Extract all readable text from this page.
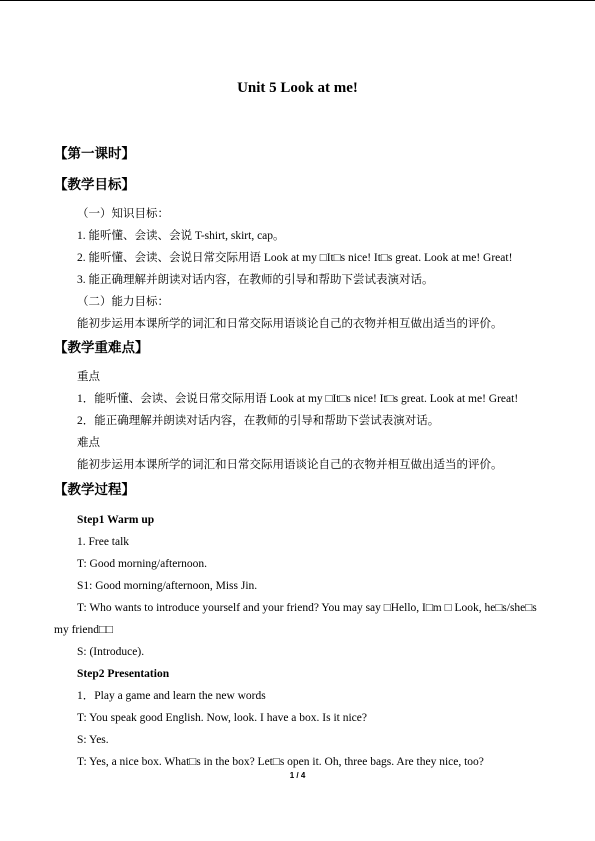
Unit 5 Look at me!
【第一课时】
【教学目标】
（一）知识目标：
1. 能听懂、会读、会说 T-shirt, skirt, cap。
2. 能听懂、会读、会说日常交际用语 Look at my □It□s nice! It□s great. Look at me! Great!
3. 能正确理解并朗读对话内容，在教师的引导和帮助下尝试表演对话。
（二）能力目标：
能初步运用本课所学的词汇和日常交际用语谈论自己的衣物并相互做出适当的评价。
【教学重难点】
重点
1．能听懂、会读、会说日常交际用语 Look at my □It□s nice! It□s great. Look at me! Great!
2．能正确理解并朗读对话内容，在教师的引导和帮助下尝试表演对话。
难点
能初步运用本课所学的词汇和日常交际用语谈论自己的衣物并相互做出适当的评价。
【教学过程】
Step1 Warm up
1. Free talk
T: Good morning/afternoon.
S1: Good morning/afternoon, Miss Jin.
T: Who wants to introduce yourself and your friend? You may say □Hello, I□m □ Look, he□s/she□s
my friend□□
S: (Introduce).
Step2 Presentation
1．Play a game and learn the new words
T: You speak good English. Now, look. I have a box. Is it nice?
S: Yes.
T: Yes, a nice box. What□s in the box? Let□s open it. Oh, three bags. Are they nice, too?
1 / 4
